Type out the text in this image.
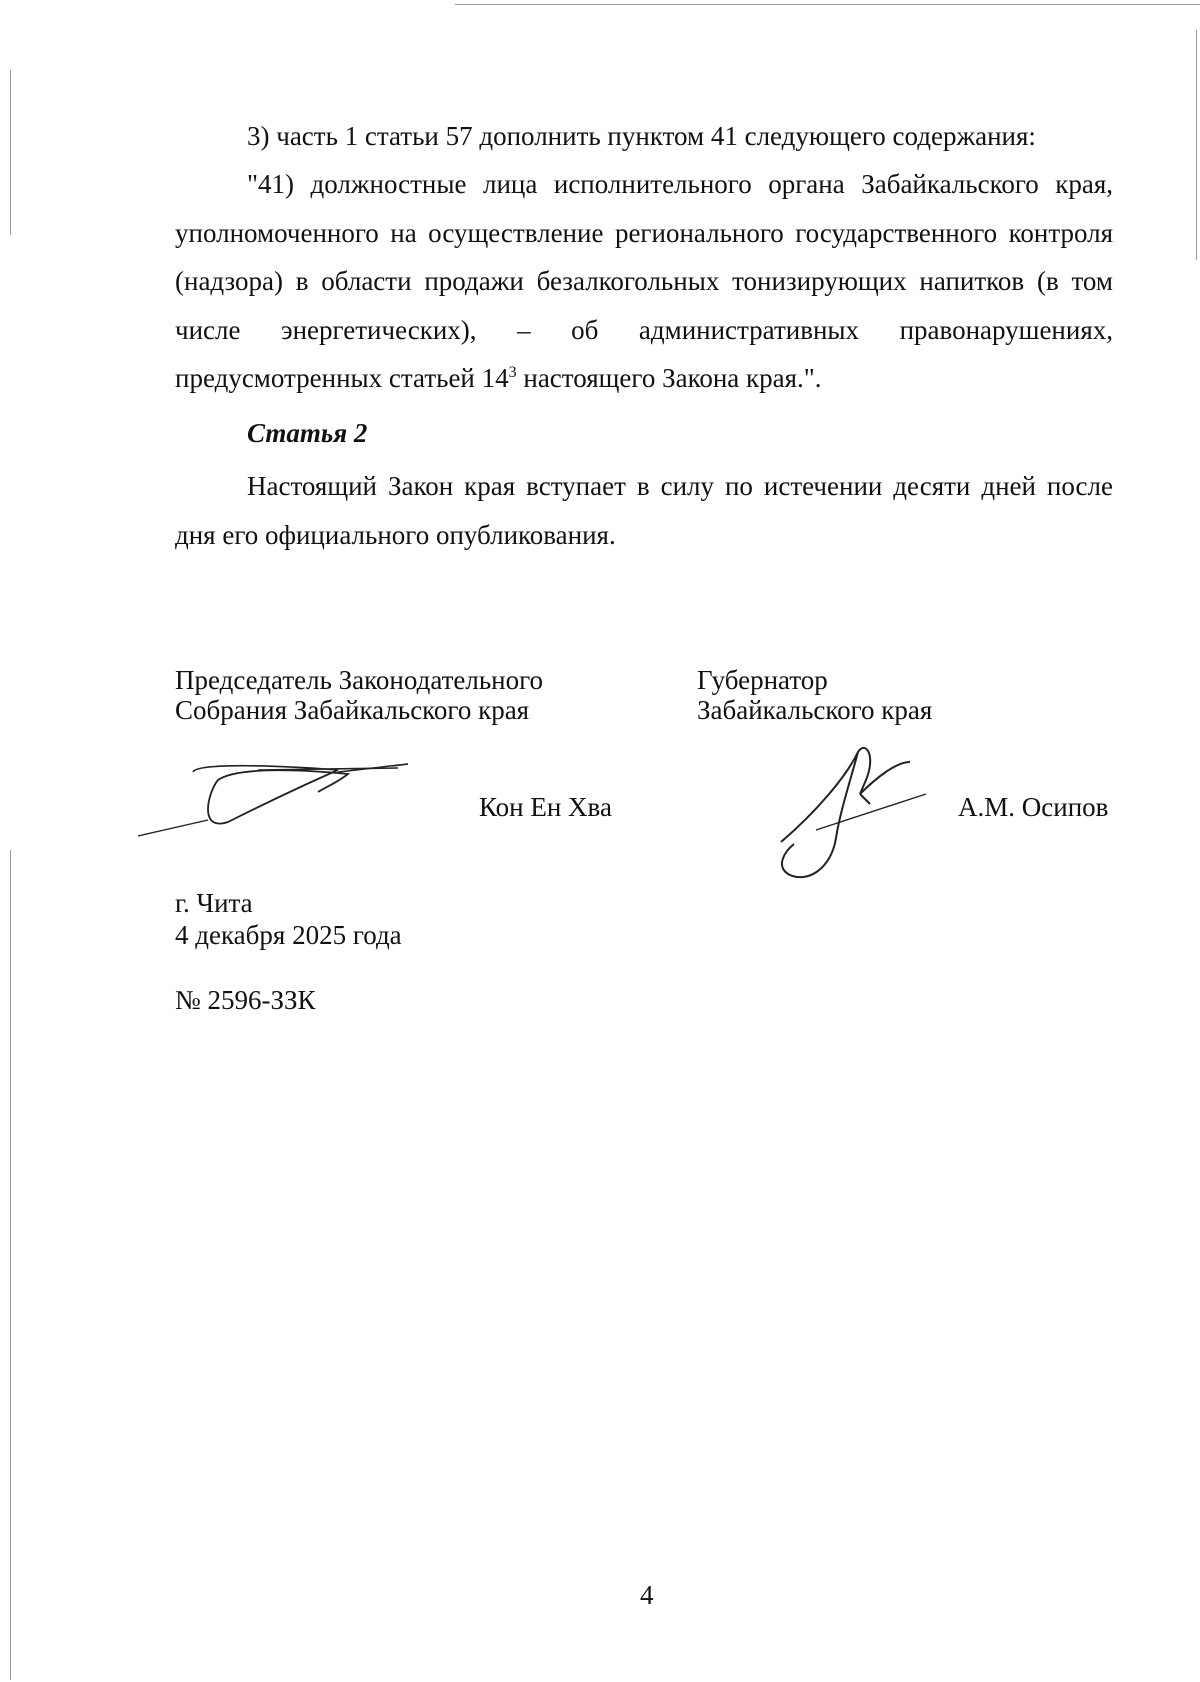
3) часть 1 статьи 57 дополнить пунктом 41 следующего содержания:

"41) должностные лица исполнительного органа Забайкальского края, уполномоченного на осуществление регионального государственного контроля (надзора) в области продажи безалкогольных тонизирующих напитков (в том числе энергетических), – об административных правонарушениях, предусмотренных статьей $14^3$ настоящего Закона края.".

Статья 2

Настоящий Закон края вступает в силу по истечении десяти дней после дня его официального опубликования.

Председатель Законодательного
Собрания Забайкальского края
Кон Ен Хва
Губернатор
Забайкальского края
А.М. Осипов
г. Чита
4 декабря 2025 года
№ 2596-ЗЗК
4
